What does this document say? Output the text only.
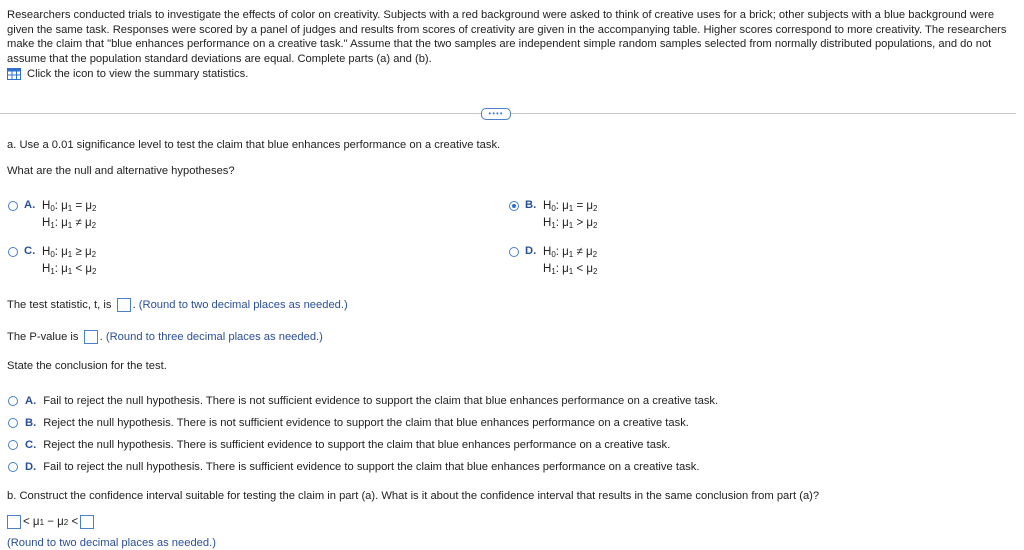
Researchers conducted trials to investigate the effects of color on creativity. Subjects with a red background were asked to think of creative uses for a brick; other subjects with a blue background were given the same task. Responses were scored by a panel of judges and results from scores of creativity are given in the accompanying table. Higher scores correspond to more creativity. The researchers make the claim that "blue enhances performance on a creative task." Assume that the two samples are independent simple random samples selected from normally distributed populations, and do not assume that the population standard deviations are equal. Complete parts (a) and (b).
Click the icon to view the summary statistics.
••••
a. Use a 0.01 significance level to test the claim that blue enhances performance on a creative task.
What are the null and alternative hypotheses?
A. $H_0$: $\mu_1 = \mu_2$
$H_1$: $\mu_1 \ne \mu_2$
B. $H_0$: $\mu_1 = \mu_2$
$H_1$: $\mu_1 > \mu_2$
C. $H_0$: $\mu_1 \ge \mu_2$
$H_1$: $\mu_1 < \mu_2$
D. $H_0$: $\mu_1 \ne \mu_2$
$H_1$: $\mu_1 < \mu_2$
The test statistic, t, is . (Round to two decimal places as needed.)
The P-value is . (Round to three decimal places as needed.)
State the conclusion for the test.
A. Fail to reject the null hypothesis. There is not sufficient evidence to support the claim that blue enhances performance on a creative task.
B. Reject the null hypothesis. There is not sufficient evidence to support the claim that blue enhances performance on a creative task.
C. Reject the null hypothesis. There is sufficient evidence to support the claim that blue enhances performance on a creative task.
D. Fail to reject the null hypothesis. There is sufficient evidence to support the claim that blue enhances performance on a creative task.
b. Construct the confidence interval suitable for testing the claim in part (a). What is it about the confidence interval that results in the same conclusion from part (a)?
<
μ 1
−
μ 2
<
(Round to two decimal places as needed.)
